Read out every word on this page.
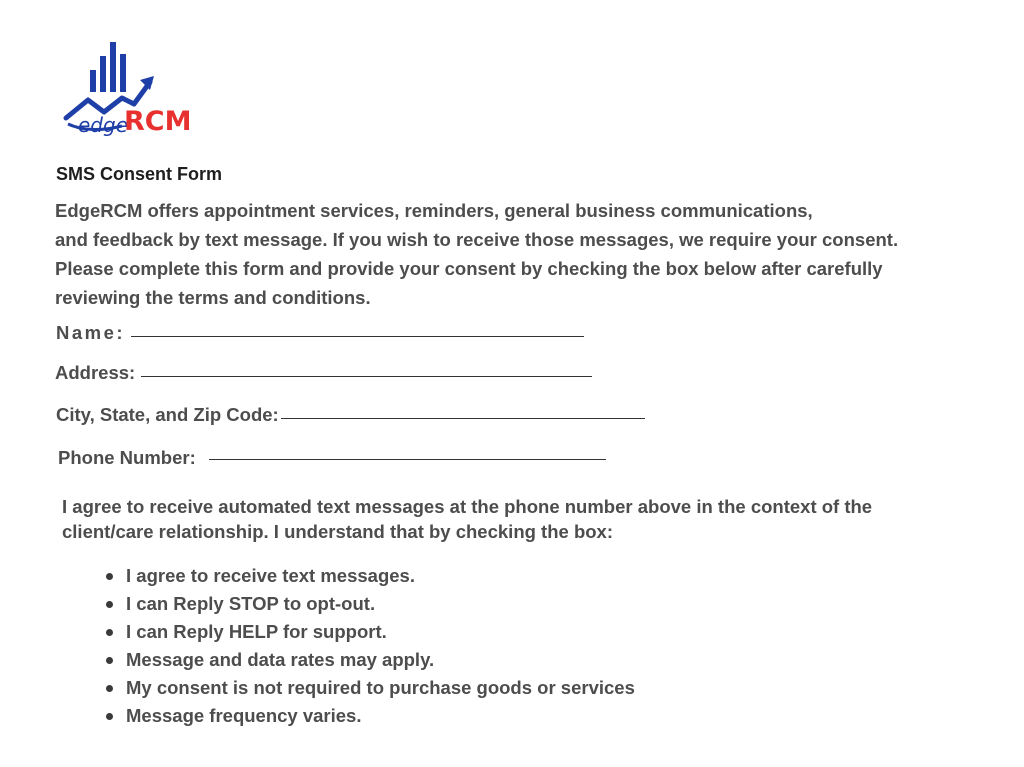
edge
RCM
SMS Consent Form
EdgeRCM offers appointment services, reminders, general business communications,
and feedback by text message. If you wish to receive those messages, we require your consent.
Please complete this form and provide your consent by checking the box below after carefully
reviewing the terms and conditions.
Name:
Address:
City, State, and Zip Code:
Phone Number:
I agree to receive automated text messages at the phone number above in the context of the
client/care relationship. I understand that by checking the box:
I agree to receive text messages.
I can Reply STOP to opt-out.
I can Reply HELP for support.
Message and data rates may apply.
My consent is not required to purchase goods or services
Message frequency varies.
